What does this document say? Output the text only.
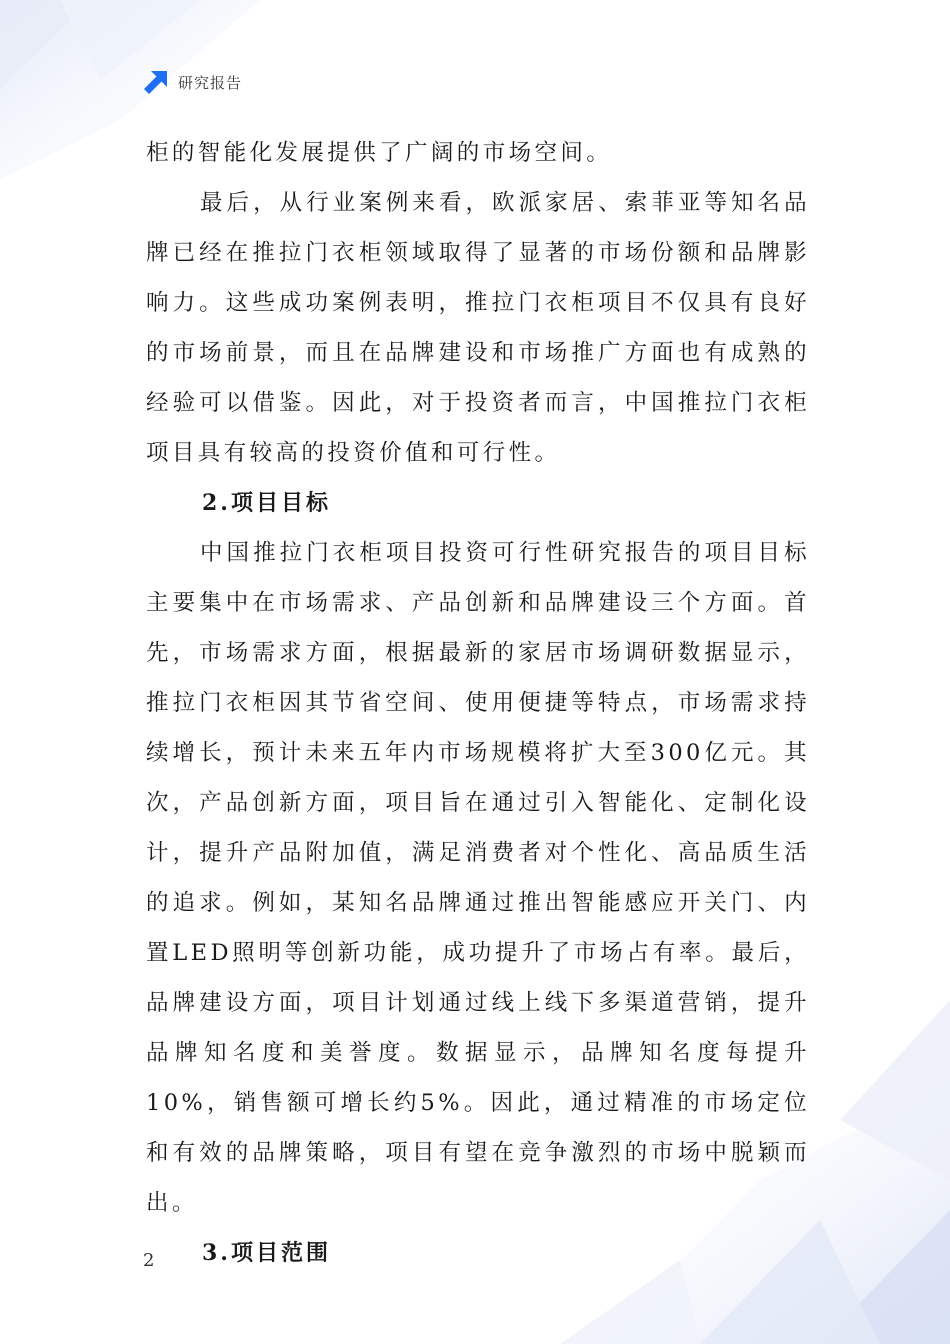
研究报告

柜的智能化发展提供了广阔的市场空间。

最后，从行业案例来看，欧派家居、索菲亚等知名品牌已经在推拉门衣柜领域取得了显著的市场份额和品牌影响力。这些成功案例表明，推拉门衣柜项目不仅具有良好的市场前景，而且在品牌建设和市场推广方面也有成熟的经验可以借鉴。因此，对于投资者而言，中国推拉门衣柜项目具有较高的投资价值和可行性。

2.项目目标

中国推拉门衣柜项目投资可行性研究报告的项目目标主要集中在市场需求、产品创新和品牌建设三个方面。首先，市场需求方面，根据最新的家居市场调研数据显示，推拉门衣柜因其节省空间、使用便捷等特点，市场需求持续增长，预计未来五年内市场规模将扩大至300亿元。其次，产品创新方面，项目旨在通过引入智能化、定制化设计，提升产品附加值，满足消费者对个性化、高品质生活的追求。例如，某知名品牌通过推出智能感应开关门、内置LED照明等创新功能，成功提升了市场占有率。最后，品牌建设方面，项目计划通过线上线下多渠道营销，提升品牌知名度和美誉度。数据显示，品牌知名度每提升10%，销售额可增长约5%。因此，通过精准的市场定位和有效的品牌策略，项目有望在竞争激烈的市场中脱颖而出。

3.项目范围

2
